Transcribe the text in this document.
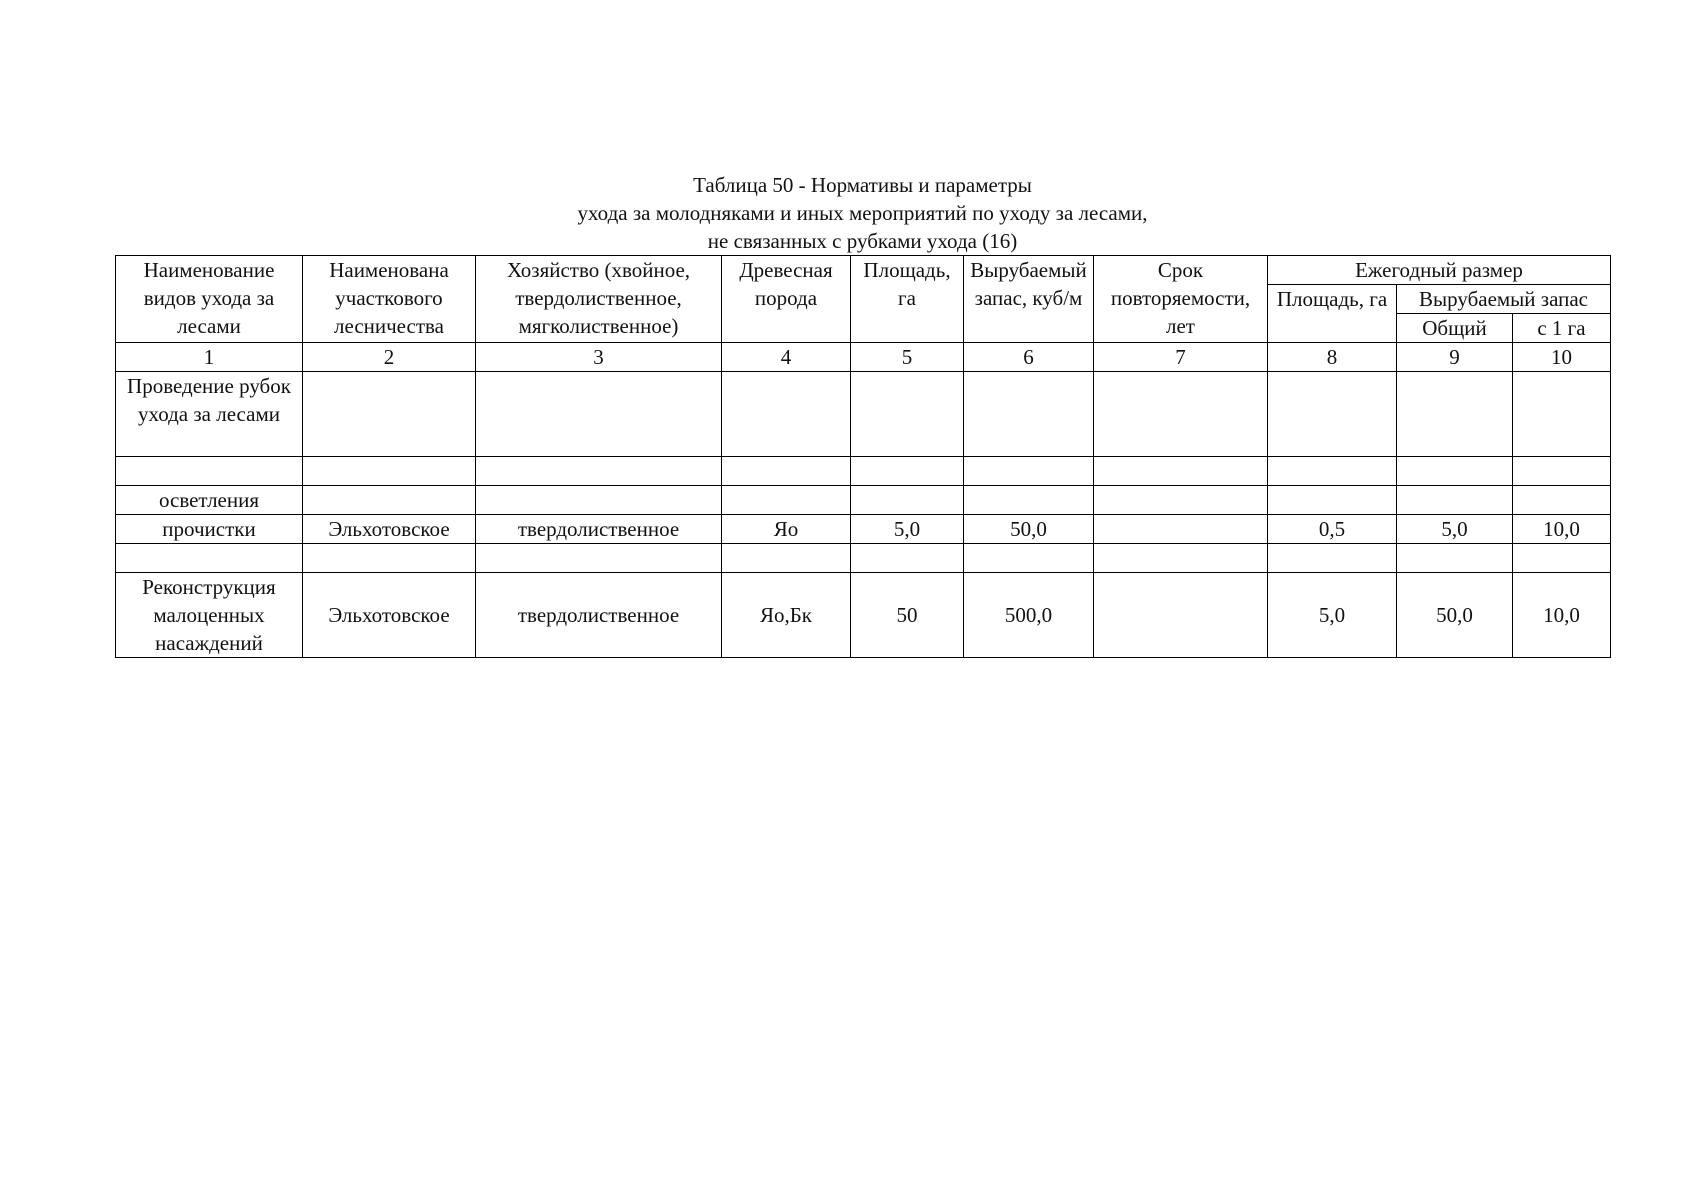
Таблица 50 - Нормативы и параметры
ухода за молодняками и иных мероприятий по уходу за лесами,
не связанных с рубками ухода (16)
Наименование видов ухода за лесами	Наименована участкового лесничества	Хозяйство (хвойное, твердолиственное, мягколиственное)	Древесная порода	Площадь, га	Вырубаемый запас, куб/м	Срок повторяемости, лет	Ежегодный размер		
							Площадь, га	Вырубаемый запас	
								Общий	с 1 га
1	2	3	4	5	6	7	8	9	10
Проведение рубок ухода за лесами									

осветления									
прочистки	Эльхотовское	твердолиственное	Яо	5,0	50,0		0,5	5,0	10,0

Реконструкция малоценных насаждений	Эльхотовское	твердолиственное	Яо,Бк	50	500,0		5,0	50,0	10,0
